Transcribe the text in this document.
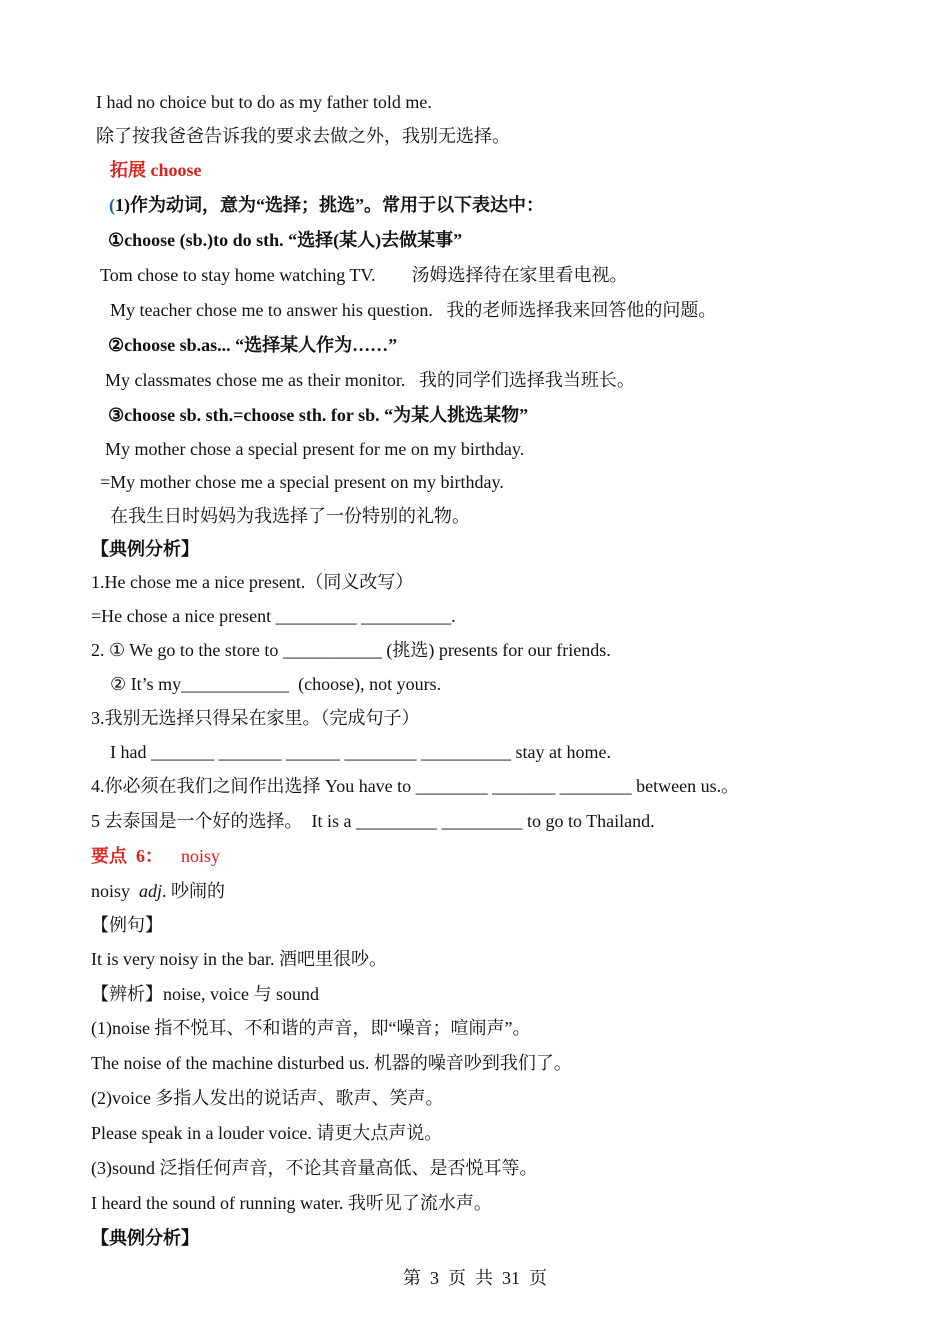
I had no choice but to do as my father told me.
除了按我爸爸告诉我的要求去做之外，我别无选择。
拓展 choose
(1)作为动词，意为“选择；挑选”。常用于以下表达中：
①choose (sb.)to do sth. “选择(某人)去做某事”
Tom chose to stay home watching TV.        汤姆选择待在家里看电视。
My teacher chose me to answer his question.   我的老师选择我来回答他的问题。
②choose sb.as... “选择某人作为……”
My classmates chose me as their monitor.   我的同学们选择我当班长。
③choose sb. sth.=choose sth. for sb. “为某人挑选某物”
My mother chose a special present for me on my birthday.
=My mother chose me a special present on my birthday.
在我生日时妈妈为我选择了一份特别的礼物。
【典例分析】
1.He chose me a nice present.（同义改写）
=He chose a nice present _________ __________.
2. ① We go to the store to ___________ (挑选) presents for our friends.
② It’s my____________  (choose), not yours.
3.我别无选择只得呆在家里。（完成句子）
I had _______ _______ ______ ________ __________ stay at home.
4.你必须在我们之间作出选择 You have to ________ _______ ________ between us.。
5 去泰国是一个好的选择。  It is a _________ _________ to go to Thailand.
要点  6： noisy
noisy  adj. 吵闹的
【例句】
It is very noisy in the bar. 酒吧里很吵。
【辨析】noise, voice 与 sound
(1)noise 指不悦耳、不和谐的声音，即“噪音；喧闹声”。
The noise of the machine disturbed us. 机器的噪音吵到我们了。
(2)voice 多指人发出的说话声、歌声、笑声。
Please speak in a louder voice. 请更大点声说。
(3)sound 泛指任何声音，不论其音量高低、是否悦耳等。
I heard the sound of running water. 我听见了流水声。
【典例分析】
第  3  页  共  31  页
